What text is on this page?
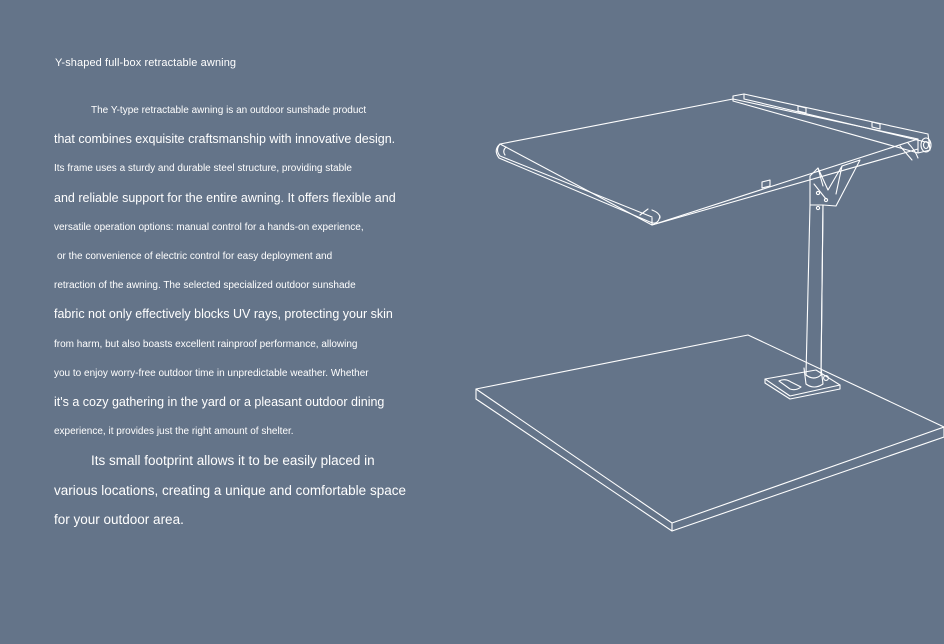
Y-shaped full-box retractable awning
The Y-type retractable awning is an outdoor sunshade product
that combines exquisite craftsmanship with innovative design.
Its frame uses a sturdy and durable steel structure, providing stable
and reliable support for the entire awning. It offers flexible and
versatile operation options: manual control for a hands-on experience,
or the convenience of electric control for easy deployment and
retraction of the awning. The selected specialized outdoor sunshade
fabric not only effectively blocks UV rays, protecting your skin
from harm, but also boasts excellent rainproof performance, allowing
you to enjoy worry-free outdoor time in unpredictable weather. Whether
it's a cozy gathering in the yard or a pleasant outdoor dining
experience, it provides just the right amount of shelter.
Its small footprint allows it to be easily placed in
various locations, creating a unique and comfortable space
for your outdoor area.
